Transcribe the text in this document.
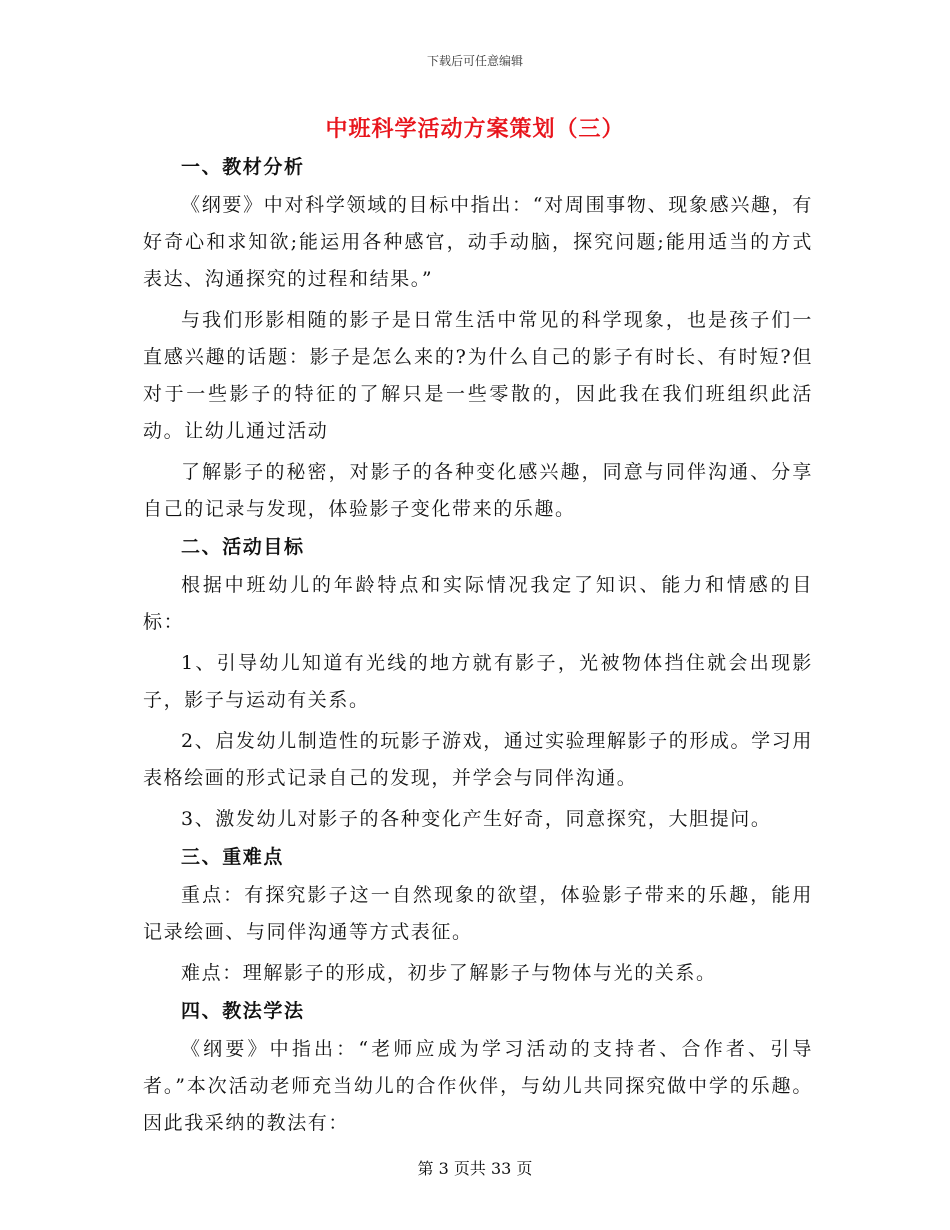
下载后可任意编辑
中班科学活动方案策划（三）
一、教材分析

《纲要》中对科学领域的目标中指出：“对周围事物、现象感兴趣，有好奇心和求知欲;能运用各种感官，动手动脑，探究问题;能用适当的方式表达、沟通探究的过程和结果。”

与我们形影相随的影子是日常生活中常见的科学现象，也是孩子们一直感兴趣的话题：影子是怎么来的?为什么自己的影子有时长、有时短?但对于一些影子的特征的了解只是一些零散的，因此我在我们班组织此活动。让幼儿通过活动

了解影子的秘密，对影子的各种变化感兴趣，同意与同伴沟通、分享自己的记录与发现，体验影子变化带来的乐趣。

二、活动目标

根据中班幼儿的年龄特点和实际情况我定了知识、能力和情感的目标：

1、引导幼儿知道有光线的地方就有影子，光被物体挡住就会出现影子，影子与运动有关系。

2、启发幼儿制造性的玩影子游戏，通过实验理解影子的形成。学习用表格绘画的形式记录自己的发现，并学会与同伴沟通。

3、激发幼儿对影子的各种变化产生好奇，同意探究，大胆提问。

三、重难点

重点：有探究影子这一自然现象的欲望，体验影子带来的乐趣，能用记录绘画、与同伴沟通等方式表征。

难点：理解影子的形成，初步了解影子与物体与光的关系。

四、教法学法

《纲要》中指出：“老师应成为学习活动的支持者、合作者、引导者。”本次活动老师充当幼儿的合作伙伴，与幼儿共同探究做中学的乐趣。因此我采纳的教法有：

第 3 页共 33 页
